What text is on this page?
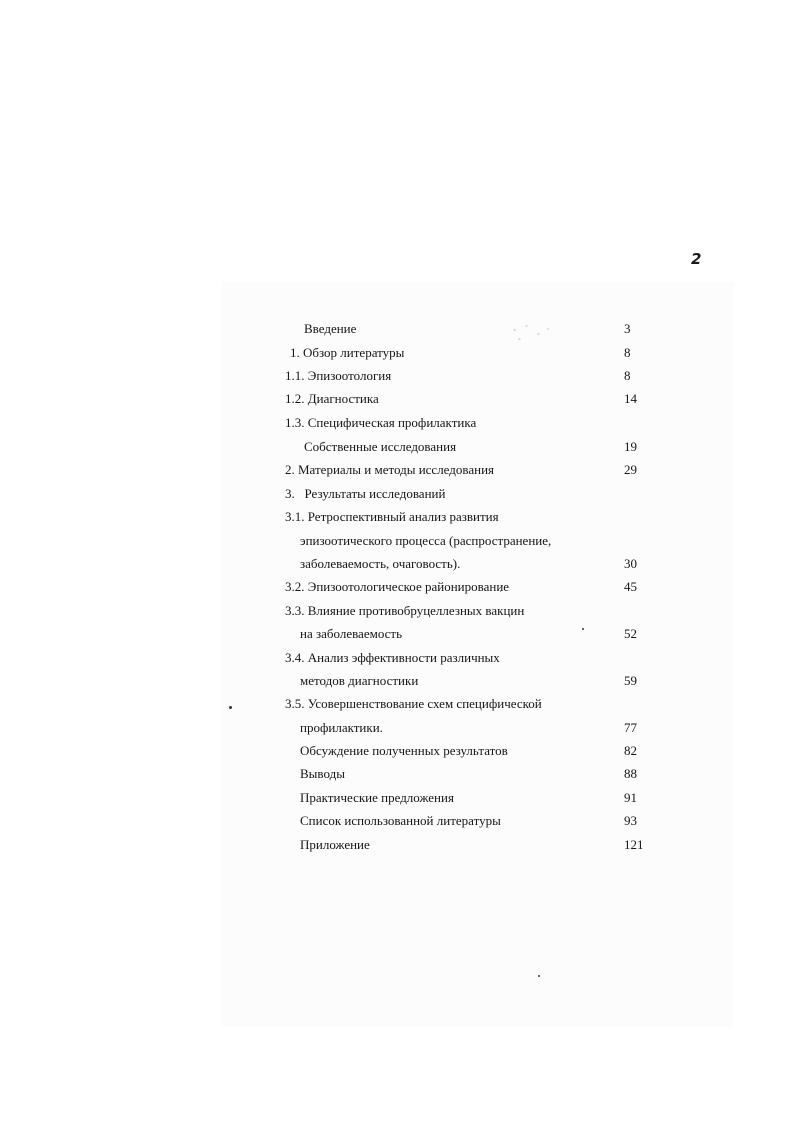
2
Введение	3
1. Обзор литературы	8
1.1. Эпизоотология	8
1.2. Диагностика	14
1.3. Специфическая профилактика
Собственные исследования	19
2. Материалы и методы исследования	29
3.   Результаты исследований
3.1. Ретроспективный анализ развития
эпизоотического процесса (распространение,
заболеваемость, очаговость).	30
3.2. Эпизоотологическое районирование	45
3.3. Влияние противобруцеллезных вакцин
на заболеваемость	52
3.4. Анализ эффективности различных
методов диагностики	59
3.5. Усовершенствование схем специфической
профилактики.	77
Обсуждение полученных результатов	82
Выводы	88
Практические предложения	91
Список использованной литературы	93
Приложение	121
